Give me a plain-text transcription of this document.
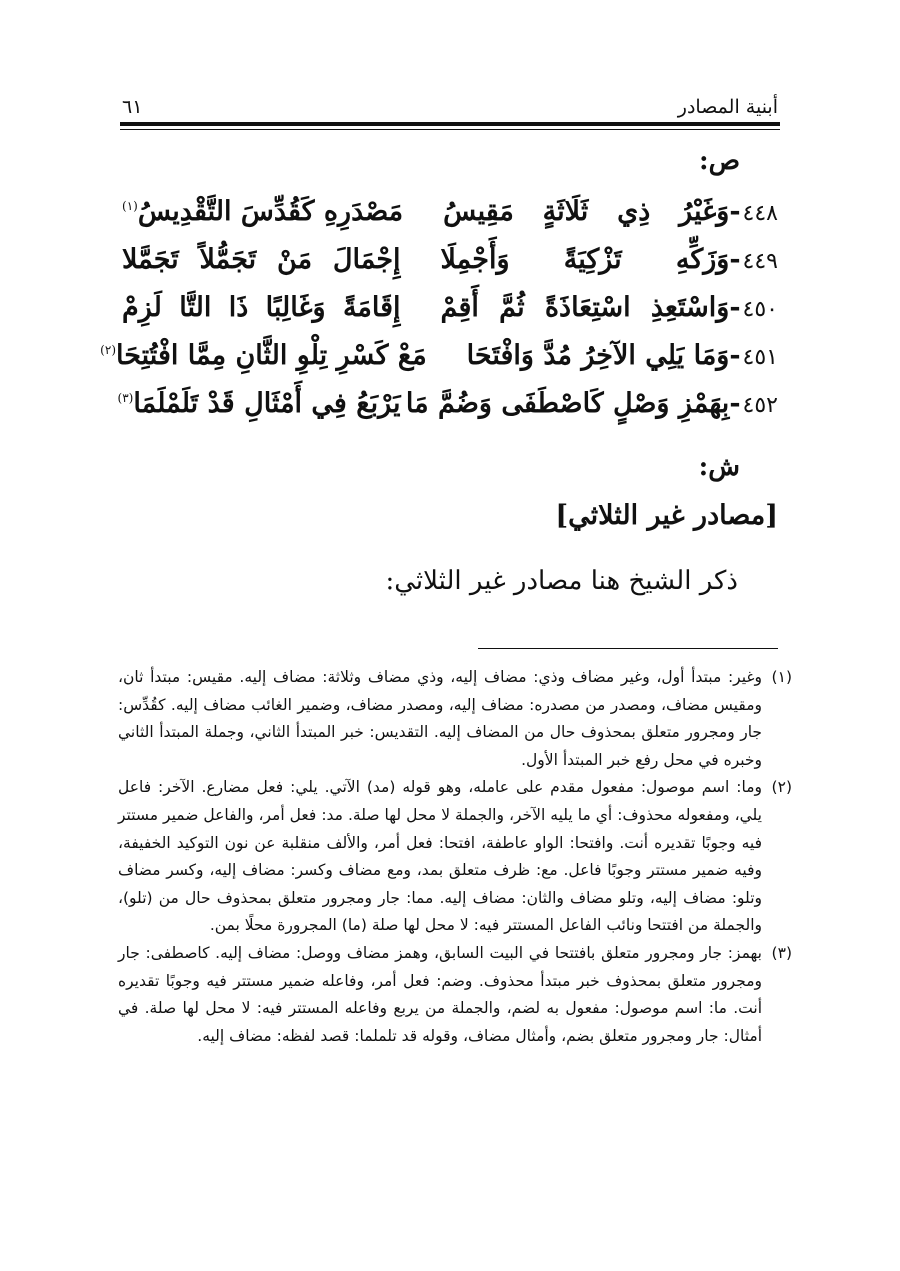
أبنية المصادر
٦١
ص:
٤٤٨
-وَغَيْرُ ذِي ثَلَاثَةٍ مَقِيسُ
مَصْدَرِهِ كَقُدِّسَ التَّقْدِيسُ$^{(١)}$
٤٤٩
-وَزَكِّهِ تَزْكِيَةً وَأَجْمِلَا
إِجْمَالَ مَنْ تَجَمُّلاً تَجَمَّلا
٤٥٠
-وَاسْتَعِذِ اسْتِعَاذَةً ثُمَّ أَقِمْ
إِقَامَةً وَغَالِبًا ذَا التَّا لَزِمْ
٤٥١
-وَمَا يَلِي الآخِرُ مُدَّ وَافْتَحَا
مَعْ كَسْرِ تِلْوِ الثَّانِ مِمَّا افْتُتِحَا$^{(٢)}$
٤٥٢
-بِهَمْزِ وَصْلٍ كَاصْطَفَى وَضُمَّ مَا
يَرْبَعُ فِي أَمْثَالِ قَدْ تَلَمْلَمَا$^{(٣)}$
ش:
[مصادر غير الثلاثي]
ذكر الشيخ هنا مصادر غير الثلاثي:
(١)
وغير: مبتدأ أول، وغير مضاف وذي: مضاف إليه، وذي مضاف وثلاثة: مضاف إليه. مقيس: مبتدأ ثان، ومقيس مضاف، ومصدر من مصدره: مضاف إليه، ومصدر مضاف، وضمير الغائب مضاف إليه. كقُدِّس: جار ومجرور متعلق بمحذوف حال من المضاف إليه. التقديس: خبر المبتدأ الثاني، وجملة المبتدأ الثاني وخبره في محل رفع خبر المبتدأ الأول.
(٢)
وما: اسم موصول: مفعول مقدم على عامله، وهو قوله (مد) الآتي. يلي: فعل مضارع. الآخر: فاعل يلي، ومفعوله محذوف: أي ما يليه الآخر، والجملة لا محل لها صلة. مد: فعل أمر، والفاعل ضمير مستتر فيه وجوبًا تقديره أنت. وافتحا: الواو عاطفة، افتحا: فعل أمر، والألف منقلبة عن نون التوكيد الخفيفة، وفيه ضمير مستتر وجوبًا فاعل. مع: ظرف متعلق بمد، ومع مضاف وكسر: مضاف إليه، وكسر مضاف وتلو: مضاف إليه، وتلو مضاف والثان: مضاف إليه. مما: جار ومجرور متعلق بمحذوف حال من (تلو)، والجملة من افتتحا ونائب الفاعل المستتر فيه: لا محل لها صلة (ما) المجرورة محلًا بمن.
(٣)
بهمز: جار ومجرور متعلق بافتتحا في البيت السابق، وهمز مضاف ووصل: مضاف إليه. كاصطفى: جار ومجرور متعلق بمحذوف خبر مبتدأ محذوف. وضم: فعل أمر، وفاعله ضمير مستتر فيه وجوبًا تقديره أنت. ما: اسم موصول: مفعول به لضم، والجملة من يربع وفاعله المستتر فيه: لا محل لها صلة. في أمثال: جار ومجرور متعلق بضم، وأمثال مضاف، وقوله قد تلملما: قصد لفظه: مضاف إليه.
